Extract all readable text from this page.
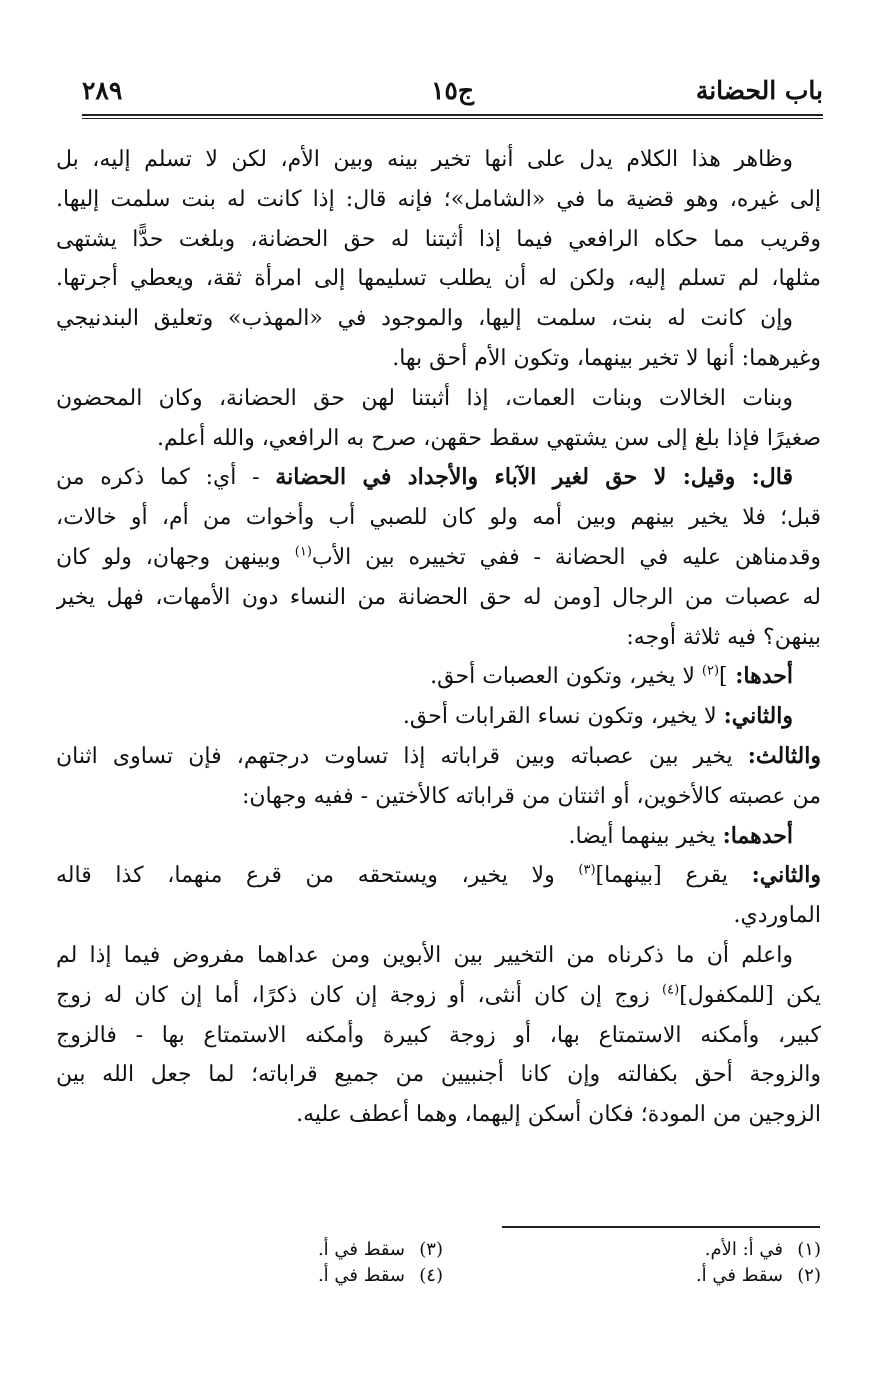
باب الحضانة
ج١٥
٢٨٩
وظاهر هذا الكلام يدل على أنها تخير بينه وبين الأم، لكن لا تسلم إليه، بل
إلى غيره، وهو قضية ما في «الشامل»؛ فإنه قال: إذا كانت له بنت سلمت إليها.
وقريب مما حكاه الرافعي فيما إذا أثبتنا له حق الحضانة، وبلغت حدًّا يشتهى
مثلها، لم تسلم إليه، ولكن له أن يطلب تسليمها إلى امرأة ثقة، ويعطي أجرتها.
وإن كانت له بنت، سلمت إليها، والموجود في «المهذب» وتعليق البندنيجي
وغيرهما: أنها لا تخير بينهما، وتكون الأم أحق بها.
وبنات الخالات وبنات العمات، إذا أثبتنا لهن حق الحضانة، وكان المحضون
صغيرًا فإذا بلغ إلى سن يشتهي سقط حقهن، صرح به الرافعي، والله أعلم.
قال: وقيل: لا حق لغير الآباء والأجداد في الحضانة - أي: كما ذكره من
قبل؛ فلا يخير بينهم وبين أمه ولو كان للصبي أب وأخوات من أم، أو خالات،
وقدمناهن عليه في الحضانة - ففي تخييره بين الأب$^{(١)}$ وبينهن وجهان، ولو كان
له عصبات من الرجال [ومن له حق الحضانة من النساء دون الأمهات، فهل يخير
بينهن؟ فيه ثلاثة أوجه:
أحدها: ]$^{(٢)}$ لا يخير، وتكون العصبات أحق.
والثاني: لا يخير، وتكون نساء القرابات أحق.
والثالث: يخير بين عصباته وبين قراباته إذا تساوت درجتهم، فإن تساوى اثنان
من عصبته كالأخوين، أو اثنتان من قراباته كالأختين - ففيه وجهان:
أحدهما: يخير بينهما أيضا.
والثاني: يقرع [بينهما]$^{(٣)}$ ولا يخير، ويستحقه من قرع منهما، كذا قاله
الماوردي.
واعلم أن ما ذكرناه من التخيير بين الأبوين ومن عداهما مفروض فيما إذا لم
يكن [للمكفول]$^{(٤)}$ زوج إن كان أنثى، أو زوجة إن كان ذكرًا، أما إن كان له زوج
كبير، وأمكنه الاستمتاع بها، أو زوجة كبيرة وأمكنه الاستمتاع بها - فالزوج
والزوجة أحق بكفالته وإن كانا أجنبيين من جميع قراباته؛ لما جعل الله بين
الزوجين من المودة؛ فكان أسكن إليهما، وهما أعطف عليه.
(١)في أ: الأم.
(٢)سقط في أ.
(٣)سقط في أ.
(٤)سقط في أ.
